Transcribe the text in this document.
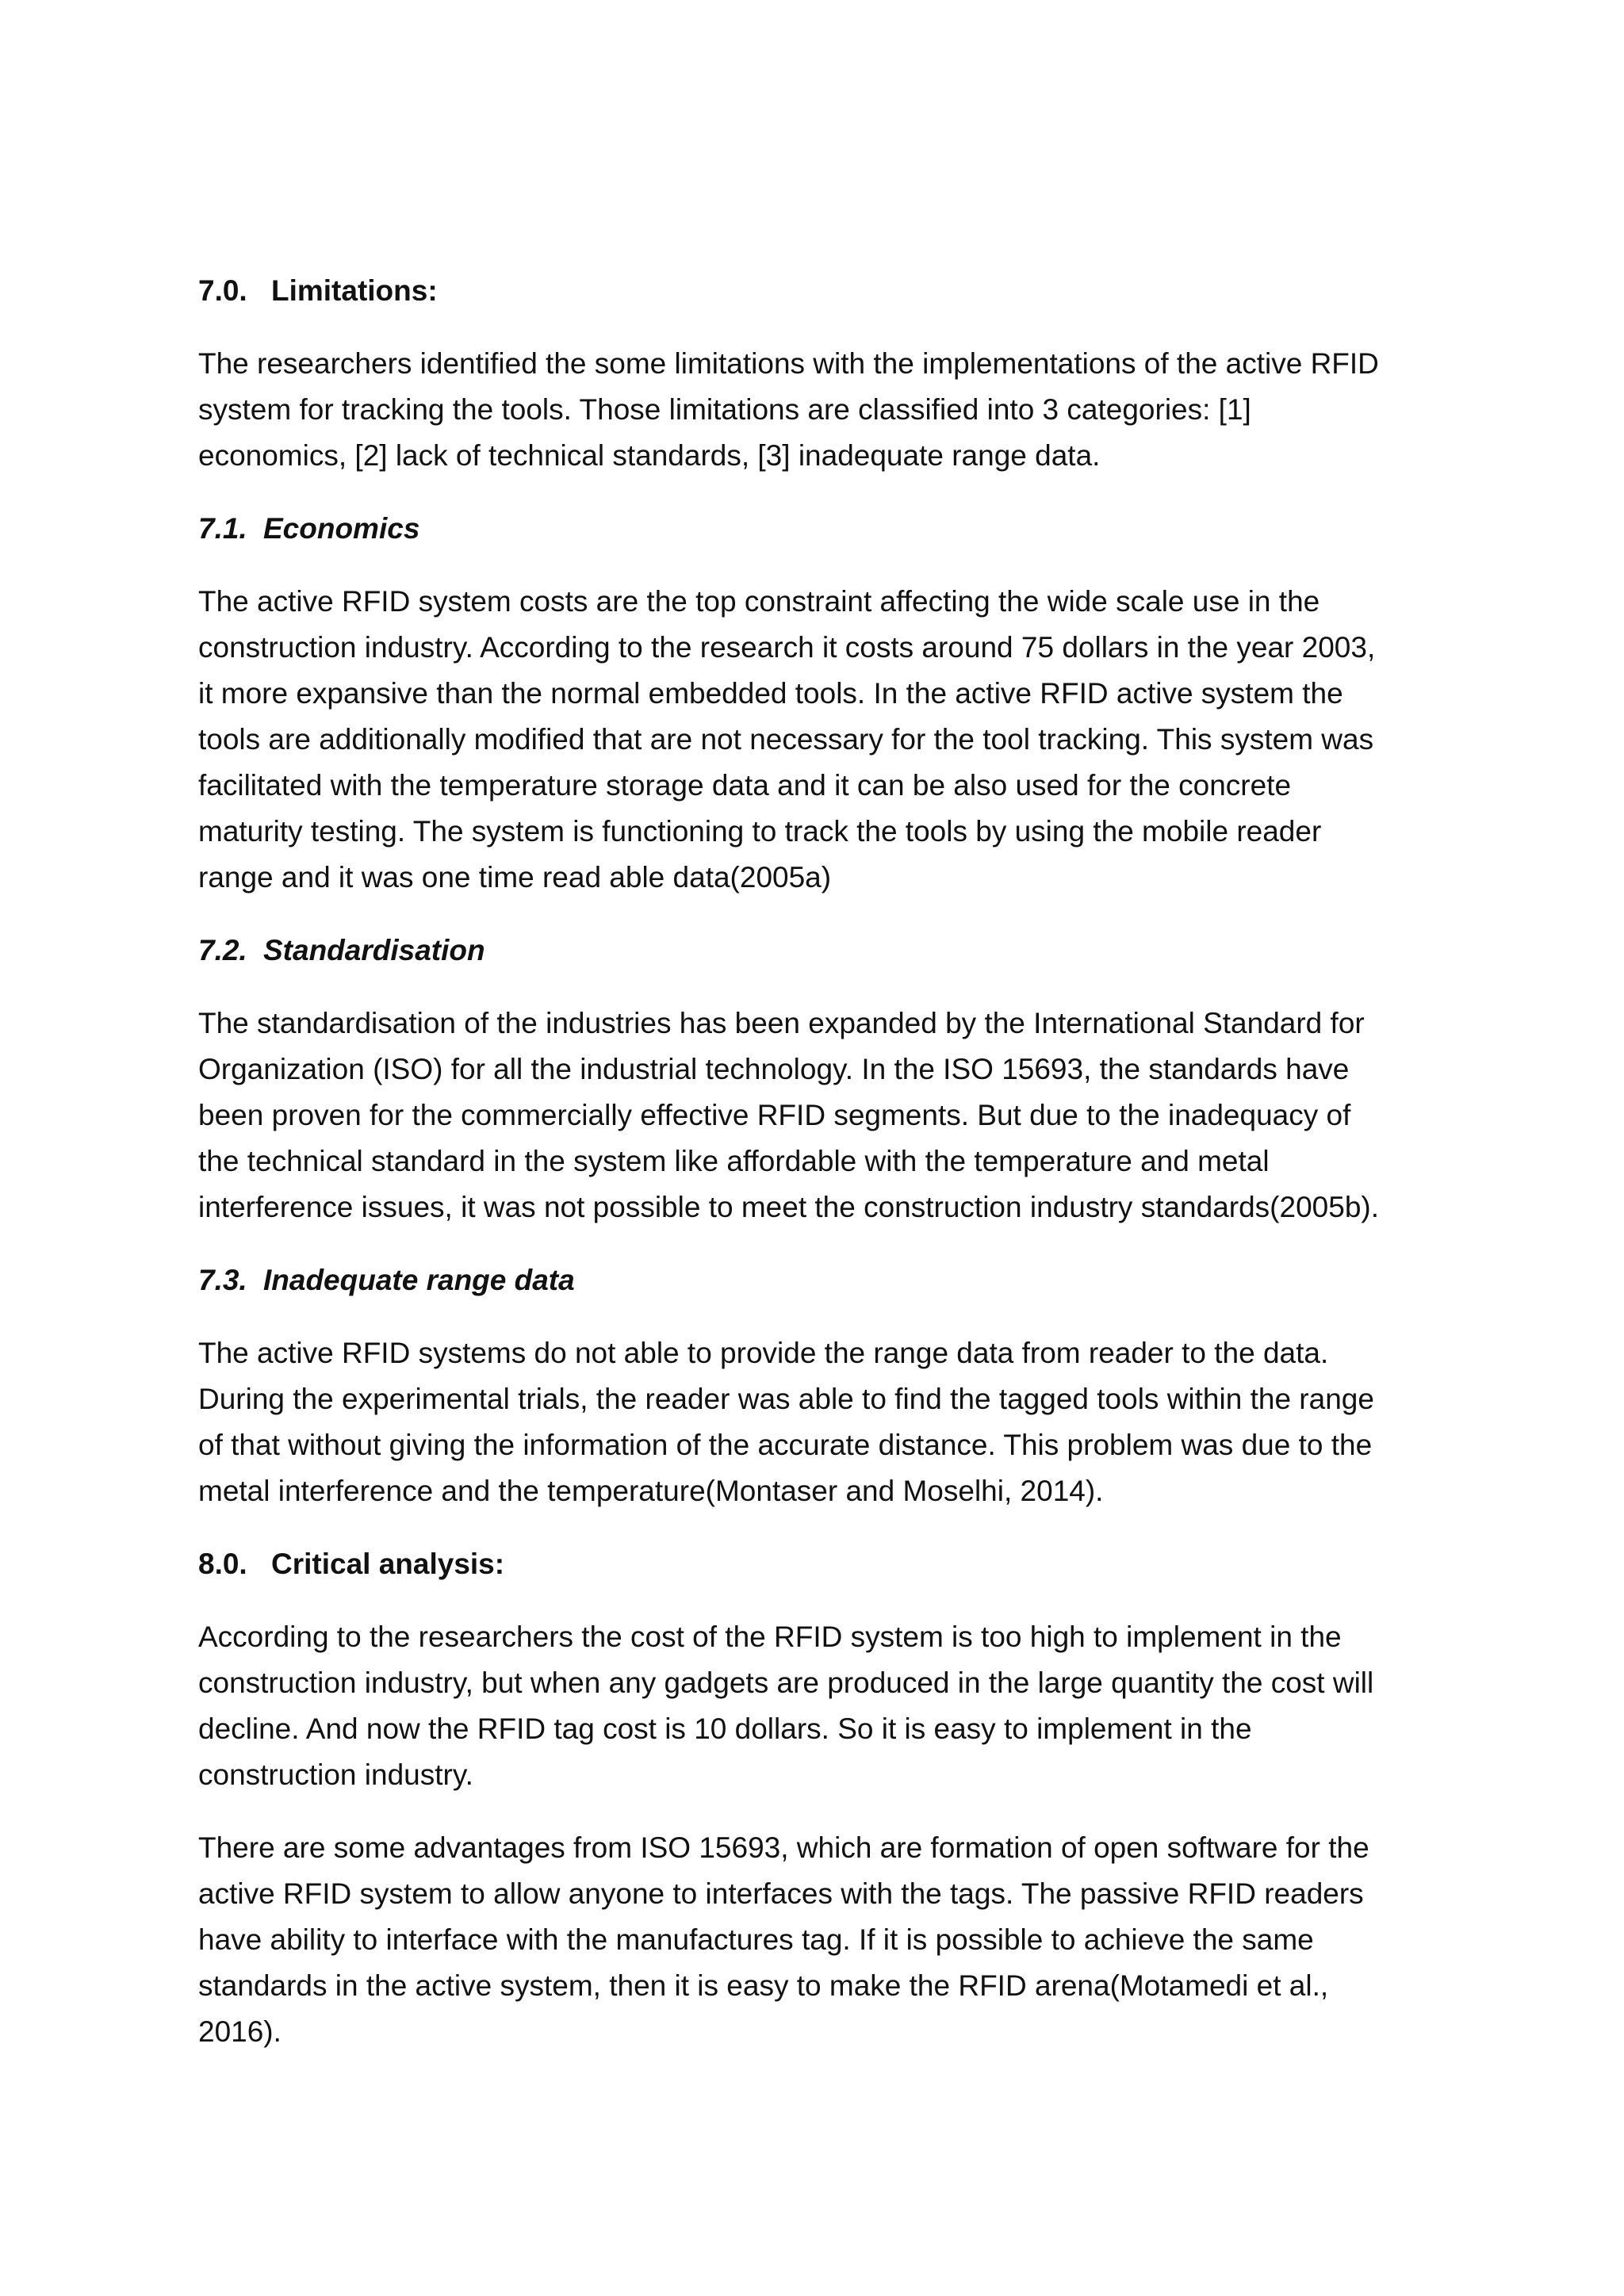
7.0. Limitations:
The researchers identified the some limitations with the implementations of the active RFID
system for tracking the tools. Those limitations are classified into 3 categories: [1]
economics, [2] lack of technical standards, [3] inadequate range data.
7.1. Economics
The active RFID system costs are the top constraint affecting the wide scale use in the
construction industry. According to the research it costs around 75 dollars in the year 2003,
it more expansive than the normal embedded tools. In the active RFID active system the
tools are additionally modified that are not necessary for the tool tracking. This system was
facilitated with the temperature storage data and it can be also used for the concrete
maturity testing. The system is functioning to track the tools by using the mobile reader
range and it was one time read able data(2005a)
7.2. Standardisation
The standardisation of the industries has been expanded by the International Standard for
Organization (ISO) for all the industrial technology. In the ISO 15693, the standards have
been proven for the commercially effective RFID segments. But due to the inadequacy of
the technical standard in the system like affordable with the temperature and metal
interference issues, it was not possible to meet the construction industry standards(2005b).
7.3. Inadequate range data
The active RFID systems do not able to provide the range data from reader to the data.
During the experimental trials, the reader was able to find the tagged tools within the range
of that without giving the information of the accurate distance. This problem was due to the
metal interference and the temperature(Montaser and Moselhi, 2014).
8.0. Critical analysis:
According to the researchers the cost of the RFID system is too high to implement in the
construction industry, but when any gadgets are produced in the large quantity the cost will
decline. And now the RFID tag cost is 10 dollars. So it is easy to implement in the
construction industry.
There are some advantages from ISO 15693, which are formation of open software for the
active RFID system to allow anyone to interfaces with the tags. The passive RFID readers
have ability to interface with the manufactures tag. If it is possible to achieve the same
standards in the active system, then it is easy to make the RFID arena(Motamedi et al.,
2016).
